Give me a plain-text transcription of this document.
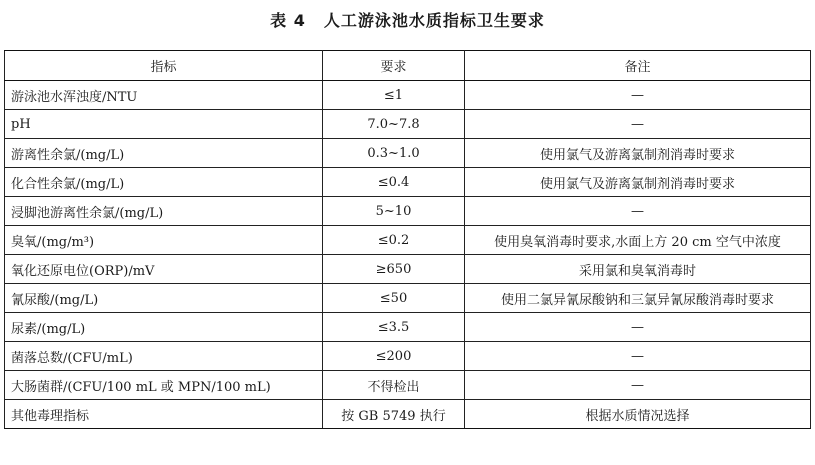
表 4 人工游泳池水质指标卫生要求
指标	要求	备注
游泳池水浑浊度/NTU	≤1	—
pH	7.0~7.8	—
游离性余氯/(mg/L)	0.3~1.0	使用氯气及游离氯制剂消毒时要求
化合性余氯/(mg/L)	≤0.4	使用氯气及游离氯制剂消毒时要求
浸脚池游离性余氯/(mg/L)	5~10	—
臭氧/(mg/m³)	≤0.2	使用臭氧消毒时要求,水面上方 20 cm 空气中浓度
氧化还原电位(ORP)/mV	≥650	采用氯和臭氧消毒时
氰尿酸/(mg/L)	≤50	使用二氯异氰尿酸钠和三氯异氰尿酸消毒时要求
尿素/(mg/L)	≤3.5	—
菌落总数/(CFU/mL)	≤200	—
大肠菌群/(CFU/100 mL 或 MPN/100 mL)	不得检出	—
其他毒理指标	按 GB 5749 执行	根据水质情况选择
